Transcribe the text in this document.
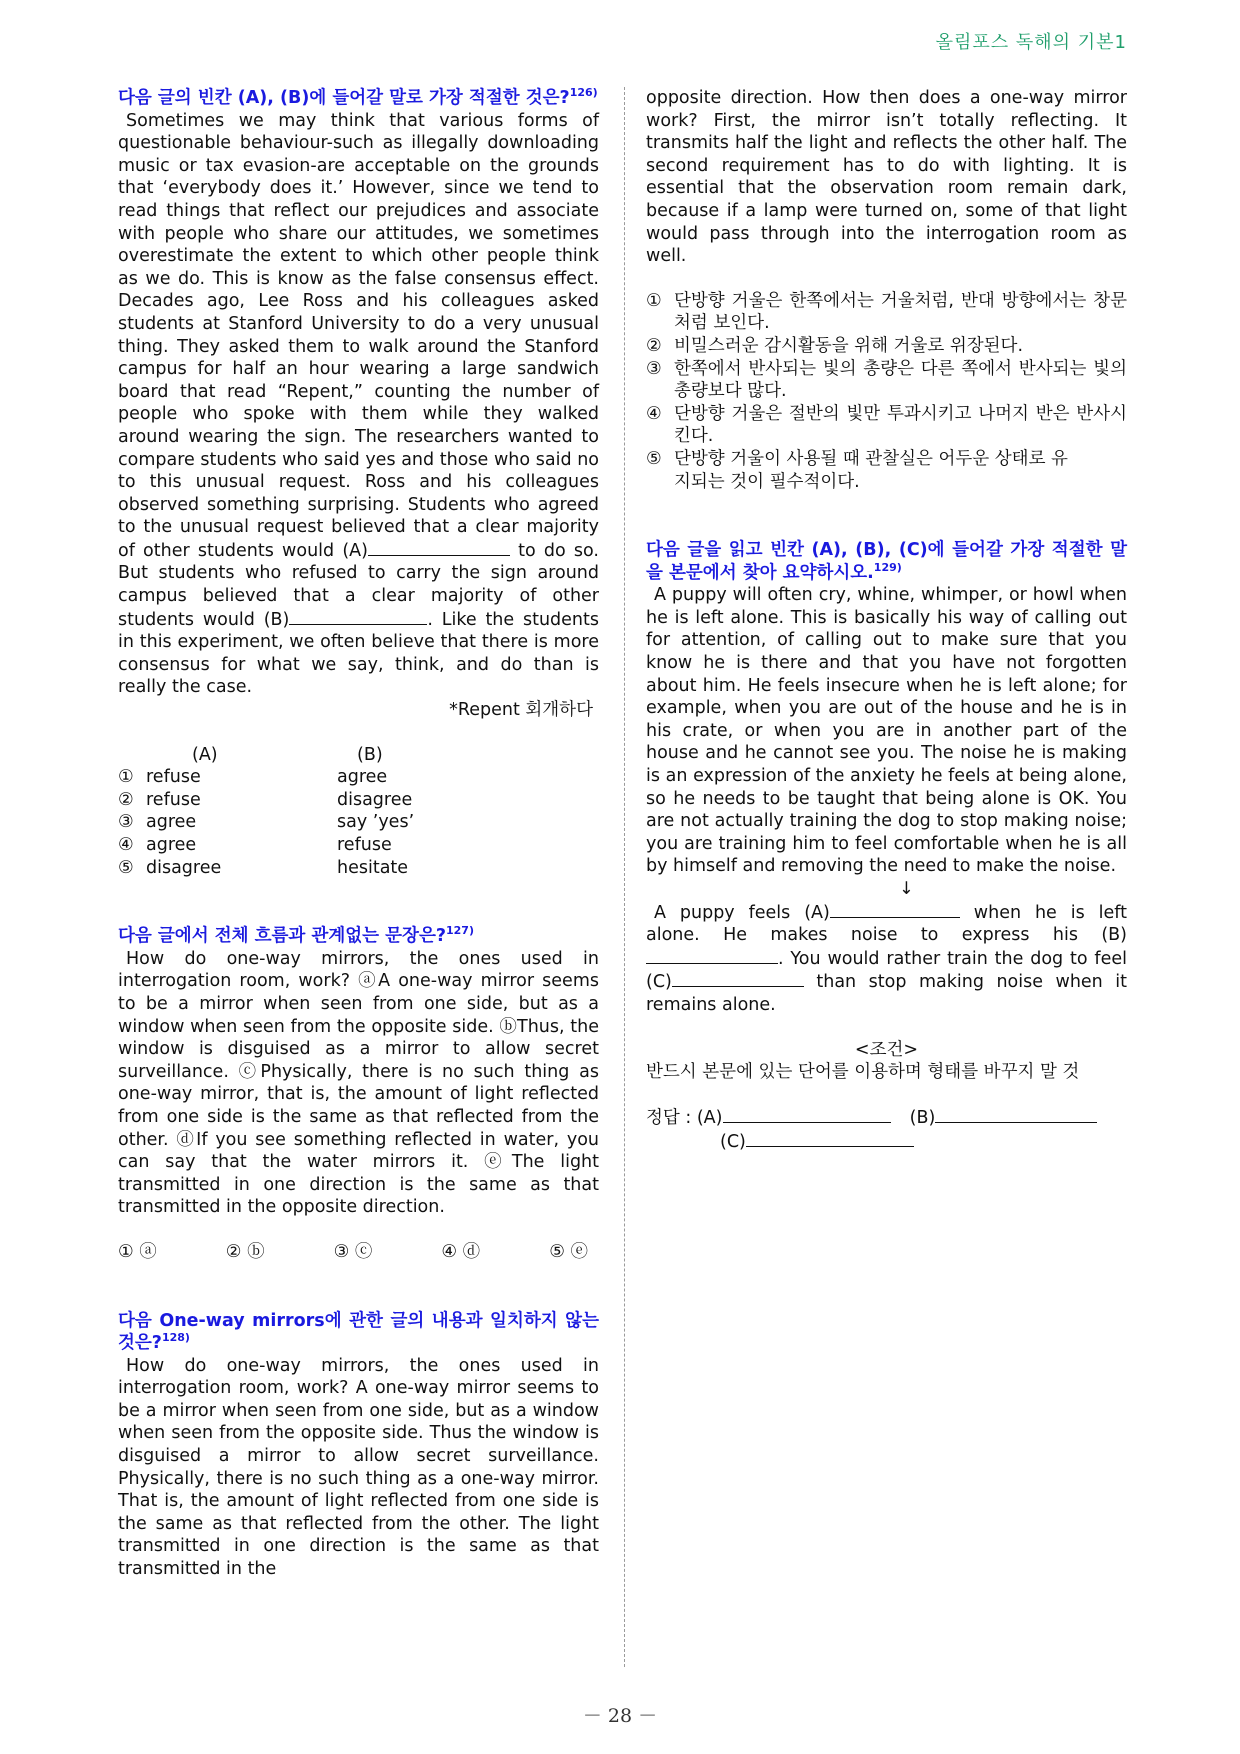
올림포스 독해의 기본1
다음 글의 빈칸 (A), (B)에 들어갈 말로 가장 적절한 것은?$^{126)}$

Sometimes we may think that various forms of questionable behaviour-such as illegally downloading music or tax evasion-are acceptable on the grounds that ‘everybody does it.’ However, since we tend to read things that reflect our prejudices and associate with people who share our attitudes, we sometimes overestimate the extent to which other people think as we do. This is know as the false consensus effect. Decades ago, Lee Ross and his colleagues asked students at Stanford University to do a very unusual thing. They asked them to walk around the Stanford campus for half an hour wearing a large sandwich board that read “Repent,” counting the number of people who spoke with them while they walked around wearing the sign. The researchers wanted to compare students who said yes and those who said no to this unusual request. Ross and his colleagues observed something surprising. Students who agreed to the unusual request believed that a clear majority of other students would (A)	to do so. But students who refused to carry the sign around campus believed that a clear majority of other students would (B)	. Like the students in this experiment, we often believe that there is more consensus for what we say, think, and do than is really the case.

*Repent 회개하다
	(A)	(B)
①	refuse	agree
②	refuse	disagree
③	agree	say ’yes’
④	agree	refuse
⑤	disagree	hesitate
다음 글에서 전체 흐름과 관계없는 문장은?$^{127)}$

How do one-way mirrors, the ones used in interrogation room, work? ⓐA one-way mirror seems to be a mirror when seen from one side, but as a window when seen from the opposite side. ⓑThus, the window is disguised as a mirror to allow secret surveillance. ⓒPhysically, there is no such thing as one-way mirror, that is, the amount of light reflected from one side is the same as that reflected from the other. ⓓIf you see something reflected in water, you can say that the water mirrors it. ⓔThe light transmitted in one direction is the same as that transmitted in the opposite direction.

① ⓐ	② ⓑ	③ ⓒ	④ ⓓ	⑤ ⓔ
다음 One-way mirrors에 관한 글의 내용과 일치하지 않는 것은?$^{128)}$

How do one-way mirrors, the ones used in interrogation room, work? A one-way mirror seems to be a mirror when seen from one side, but as a window when seen from the opposite side. Thus the window is disguised a mirror to allow secret surveillance. Physically, there is no such thing as a one-way mirror. That is, the amount of light reflected from one side is the same as that reflected from the other. The light transmitted in one direction is the same as that transmitted in the

opposite direction. How then does a one-way mirror work? First, the mirror isn’t totally reflecting. It transmits half the light and reflects the other half. The second requirement has to do with lighting. It is essential that the observation room remain dark, because if a lamp were turned on, some of that light would pass through into the interrogation room as well.

① 단방향 거울은 한쪽에서는 거울처럼, 반대 방향에서는 창문처럼 보인다.
② 비밀스러운 감시활동을 위해 거울로 위장된다.
③ 한쪽에서 반사되는 빛의 총량은 다른 쪽에서 반사되는 빛의 총량보다 많다.
④ 단방향 거울은 절반의 빛만 투과시키고 나머지 반은 반사시킨다.
⑤ 단방향 거울이 사용될 때 관찰실은 어두운 상태로 유
지되는 것이 필수적이다.
다음 글을 읽고 빈칸 (A), (B), (C)에 들어갈 가장 적절한 말을 본문에서 찾아 요약하시오.$^{129)}$

A puppy will often cry, whine, whimper, or howl when he is left alone. This is basically his way of calling out for attention, of calling out to make sure that you know he is there and that you have not forgotten about him. He feels insecure when he is left alone; for example, when you are out of the house and he is in his crate, or when you are in another part of the house and he cannot see you. The noise he is making is an expression of the anxiety he feels at being alone, so he needs to be taught that being alone is OK. You are not actually training the dog to stop making noise; you are training him to feel comfortable when he is all by himself and removing the need to make the noise.

↓

A puppy feels (A)	when he is left alone. He makes noise to express his (B). You would rather train the dog to feel (C)	than stop making noise when it remains alone.

<조건>
반드시 본문에 있는 단어를 이용하며 형태를 바꾸지 말 것
정답 : (A)	(B)
(C)
－ 28 －
